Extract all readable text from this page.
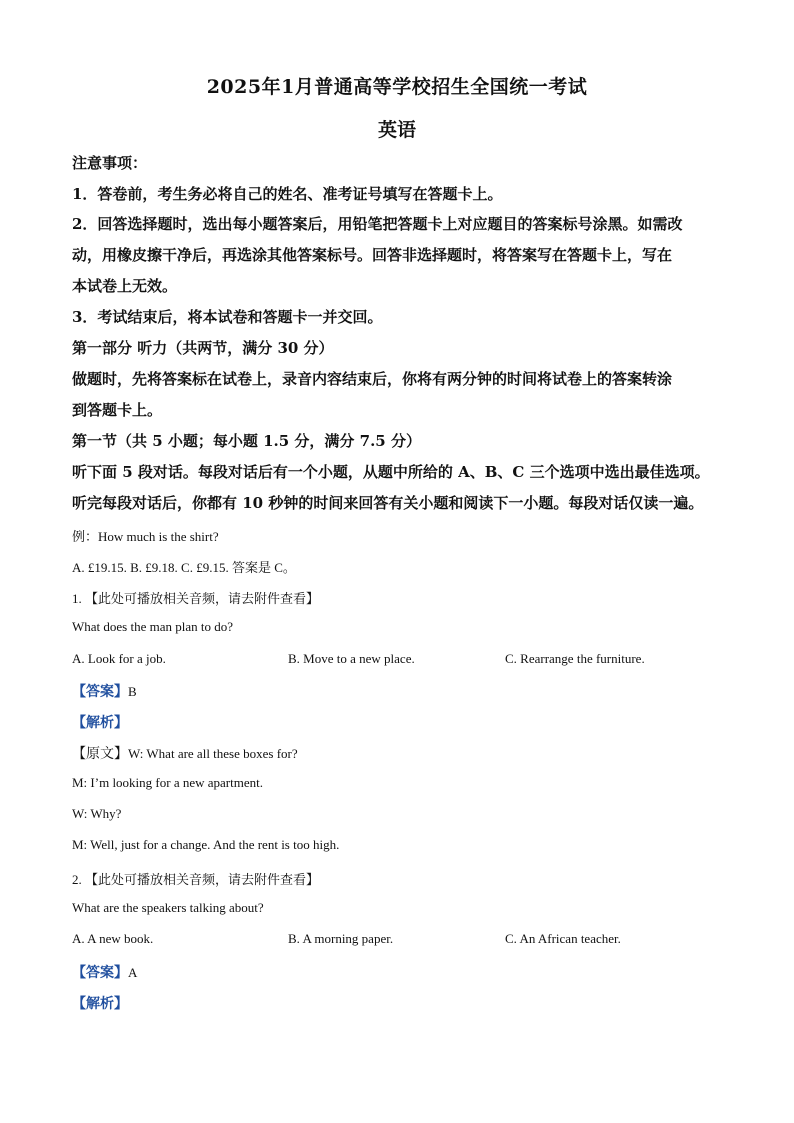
2025年1月普通高等学校招生全国统一考试
英语
注意事项：
1．答卷前，考生务必将自己的姓名、准考证号填写在答题卡上。
2．回答选择题时，选出每小题答案后，用铅笔把答题卡上对应题目的答案标号涂黑。如需改
动，用橡皮擦干净后，再选涂其他答案标号。回答非选择题时，将答案写在答题卡上，写在
本试卷上无效。
3．考试结束后，将本试卷和答题卡一并交回。
第一部分 听力（共两节，满分 30 分）
做题时，先将答案标在试卷上，录音内容结束后，你将有两分钟的时间将试卷上的答案转涂
到答题卡上。
第一节（共 5 小题；每小题 1.5 分，满分 7.5 分）
听下面 5 段对话。每段对话后有一个小题，从题中所给的 A、B、C 三个选项中选出最佳选项。
听完每段对话后，你都有 10 秒钟的时间来回答有关小题和阅读下一小题。每段对话仅读一遍。
例：How much is the shirt?
A. £19.15. B. £9.18. C. £9.15. 答案是 C。
1. 【此处可播放相关音频，请去附件查看】
What does the man plan to do?
A. Look for a job.	B. Move to a new place.	C. Rearrange the furniture.
【答案】B
【解析】
【原文】W: What are all these boxes for?
M: I’m looking for a new apartment.
W: Why?
M: Well, just for a change. And the rent is too high.
2. 【此处可播放相关音频，请去附件查看】
What are the speakers talking about?
A. A new book.	B. A morning paper.	C. An African teacher.
【答案】A
【解析】
